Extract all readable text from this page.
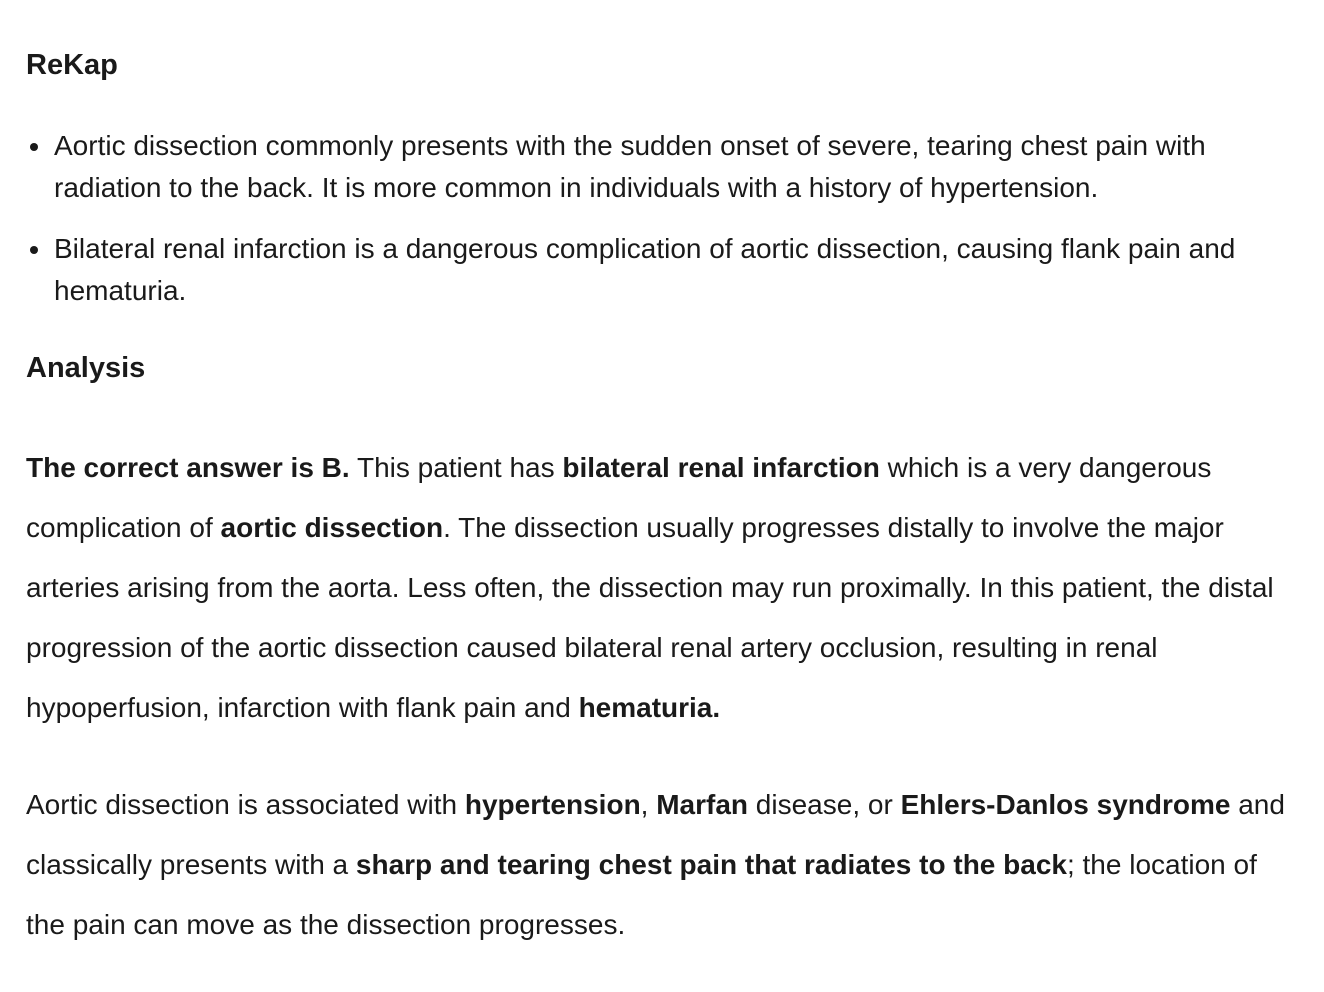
ReKap
Aortic dissection commonly presents with the sudden onset of severe, tearing chest pain with radiation to the back. It is more common in individuals with a history of hypertension.
Bilateral renal infarction is a dangerous complication of aortic dissection, causing flank pain and hematuria.
Analysis

The correct answer is B. This patient has bilateral renal infarction which is a very dangerous complication of aortic dissection. The dissection usually progresses distally to involve the major arteries arising from the aorta. Less often, the dissection may run proximally. In this patient, the distal progression of the aortic dissection caused bilateral renal artery occlusion, resulting in renal hypoperfusion, infarction with flank pain and hematuria.

Aortic dissection is associated with hypertension, Marfan disease, or Ehlers-Danlos syndrome and classically presents with a sharp and tearing chest pain that radiates to the back; the location of the pain can move as the dissection progresses.
